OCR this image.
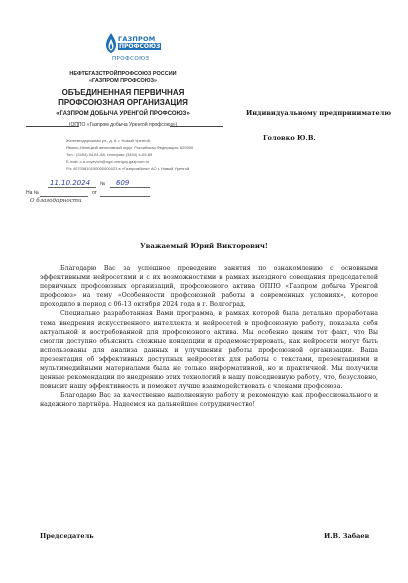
ГАЗПРОМ
ПРОФСОЮЗ
ПРОФСОЮЗ
НЕФТЕГАЗСТРОЙПРОФСОЮЗ РОССИИ
«ГАЗПРОМ ПРОФСОЮЗ»
ОБЪЕДИНЕННАЯ ПЕРВИЧНАЯ
ПРОФСОЮЗНАЯ ОРГАНИЗАЦИЯ
«ГАЗПРОМ ДОБЫЧА УРЕНГОЙ ПРОФСОЮЗ»
(ОППО «Газпром добыча Уренгой профсоюз»)
Железнодорожная ул., д. 8, г. Новый Уренгой,
Ямало-Ненецкий автономный округ, Российская Федерация, 629300
Тел.: (3494) 94-81-88, телефакс (3494) 4-09-89
E-mail: o.a.voyevich@ngd.urengoy.gazprom.ru
Р/с 40703810100000000023 в «Газпромбанк» АО г. Новый Уренгой
11.10.2024 № 609
На №	от
О благодарности
Индивидуальному предпринимателю
Головко Ю.В.
Уважаемый Юрий Викторович!

Благодарю Вас за успешное проведение занятия по ознакомлению с основными эффективными нейросетями и с их возможностями в рамках выездного совещания председателей первичных профсоюзных организаций, профсоюзного актива ОППО «Газпром добыча Уренгой профсоюз» на тему «Особенности профсоюзной работы в современных условиях», которое проходило в период с 06-13 октября 2024 года в г. Волгоград.

Специально разработанная Вами программа, в рамках которой была детально проработана тема внедрения искусственного интеллекта и нейросетей в профсоюзную работу, показала себя актуальной и востребованной для профсоюзного актива. Мы особенно ценим тот факт, что Вы смогли доступно объяснить сложные концепции и продемонстрировать, как нейросети могут быть использованы для анализа данных и улучшения работы профсоюзной организации. Ваша презентация об эффективных доступных нейросетях для работы с текстами, презентациями и мультимедийными материалами была не только информативной, но и практичной. Мы получили ценные рекомендации по внедрению этих технологий в нашу повседневную работу, что, безусловно, повысит нашу эффективность и поможет лучше взаимодействовать с членами профсоюза.

Благодарю Вас за качественно выполненную работу и рекомендую как профессионального и надежного партнёра. Надеемся на дальнейшее сотрудничество!

Председатель	И.В. Забаев
